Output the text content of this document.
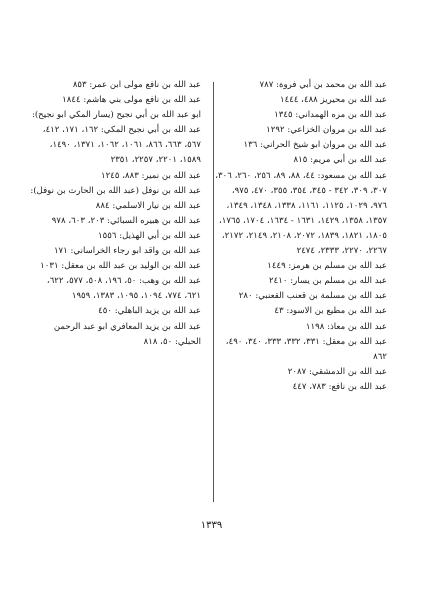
عبد الله بن محمد بن أبي فروة: ٧٨٧
عبد الله بن محيريز ٤٨٨، ١٤٤٤
عبد الله بن مره الهمداني: ١٣٤٥
عبد الله بن مروان الخزاعي: ١٢٩٢
عبد الله بن مروان ابو شيخ الحراني: ١٣٦
عبد الله بن أبي مريم: ٨١٥
عبد الله بن مسعود: ٤٤، ٨٨، ٨٩، ٢٥٦، ٢٦٠، ٣٠٦، ٣٠٧، ٣٠٩، ٣٤٢ - ٣٤٥، ٣٥٤، ٣٥٥، ٤٧٠، ٩٧٥، ٩٧٦، ١٠٢٩، ١١٢٥، ١١٦١، ١٣٣٨، ١٣٤٨، ١٣٤٩، ١٣٥٧، ١٣٥٨، ١٤٢٩، ١٦٣١ - ١٦٣٤، ١٧٠٤، ١٧٦٥، ١٨٠٥، ١٨٢١، ١٨٣٩، ٢٠٧٢، ٢١٠٨، ٢١٤٩، ٢١٧٢، ٢٢٦٧، ٢٢٧٠، ٢٣٣٣، ٢٤٧٤
عبد الله بن مسلم بن هرمز: ١٤٤٩
عبد الله بن مسلم بن يسار: ٢٤١٠
عبد الله بن مسلمة بن قعنب القعنبي: ٢٨٠
عبد الله بن مطيع بن الاسود: ٤٣
عبد الله بن معاذ: ١١٩٨
عبد الله بن معقل: ٣٣١، ٣٣٢، ٣٣٣، ٣٤٠، ٤٩٠، ٨٦٢
عبد الله بن الدمشقي: ٢٠٨٧
عبد الله بن نافع: ٧٨٣، ٤٤٧
عبد الله بن نافع مولى ابن عمر: ٨٥٣
عبد الله بن نافع مولى بني هاشم: ١٨٤٤
ابو عبد الله بن أبي نجيح (يسار المكي ابو نجيح):
عبد الله بن أبي نجيح المكي: ١٦٢، ١٧١، ٤١٢، ٥٦٧، ٦٦٣، ٨٦٦، ١٠٦١، ١٠٦٢، ١٣٧١، ١٤٩٠، ١٥٨٩، ٢٢٠١، ٢٢٥٧، ٢٣٥١
عبد الله بن نمير: ٨٨٣، ١٢٤٥
عبد الله بن نوفل (عبد الله بن الحارث بن نوفل):
عبد الله بن نيار الاسلمي: ٨٨٤
عبد الله بن هبيره السبائي: ٢٠٣، ٦٠٣، ٩٧٨
عبد الله بن أبي الهذيل: ١٥٥٦
عبد الله بن واقد ابو رجاء الخراساني: ١٧١
عبد الله بن الوليد بن عبد الله بن معقل: ١٠٣١
عبد الله بن وهب: ٥٠، ١٩٦، ٥٠٨، ٥٧٧، ٦٢٢، ٦٢١، ٧٧٤، ١٠٩٤، ١٠٩٥، ١٣٨٣، ١٩٥٩
عبد الله بن يزيد الباهلي: ٤٥٠
عبد الله بن يزيد المعافري ابو عبد الرحمن الحبلي: ٥٠، ٨١٨
١٣٣٩
